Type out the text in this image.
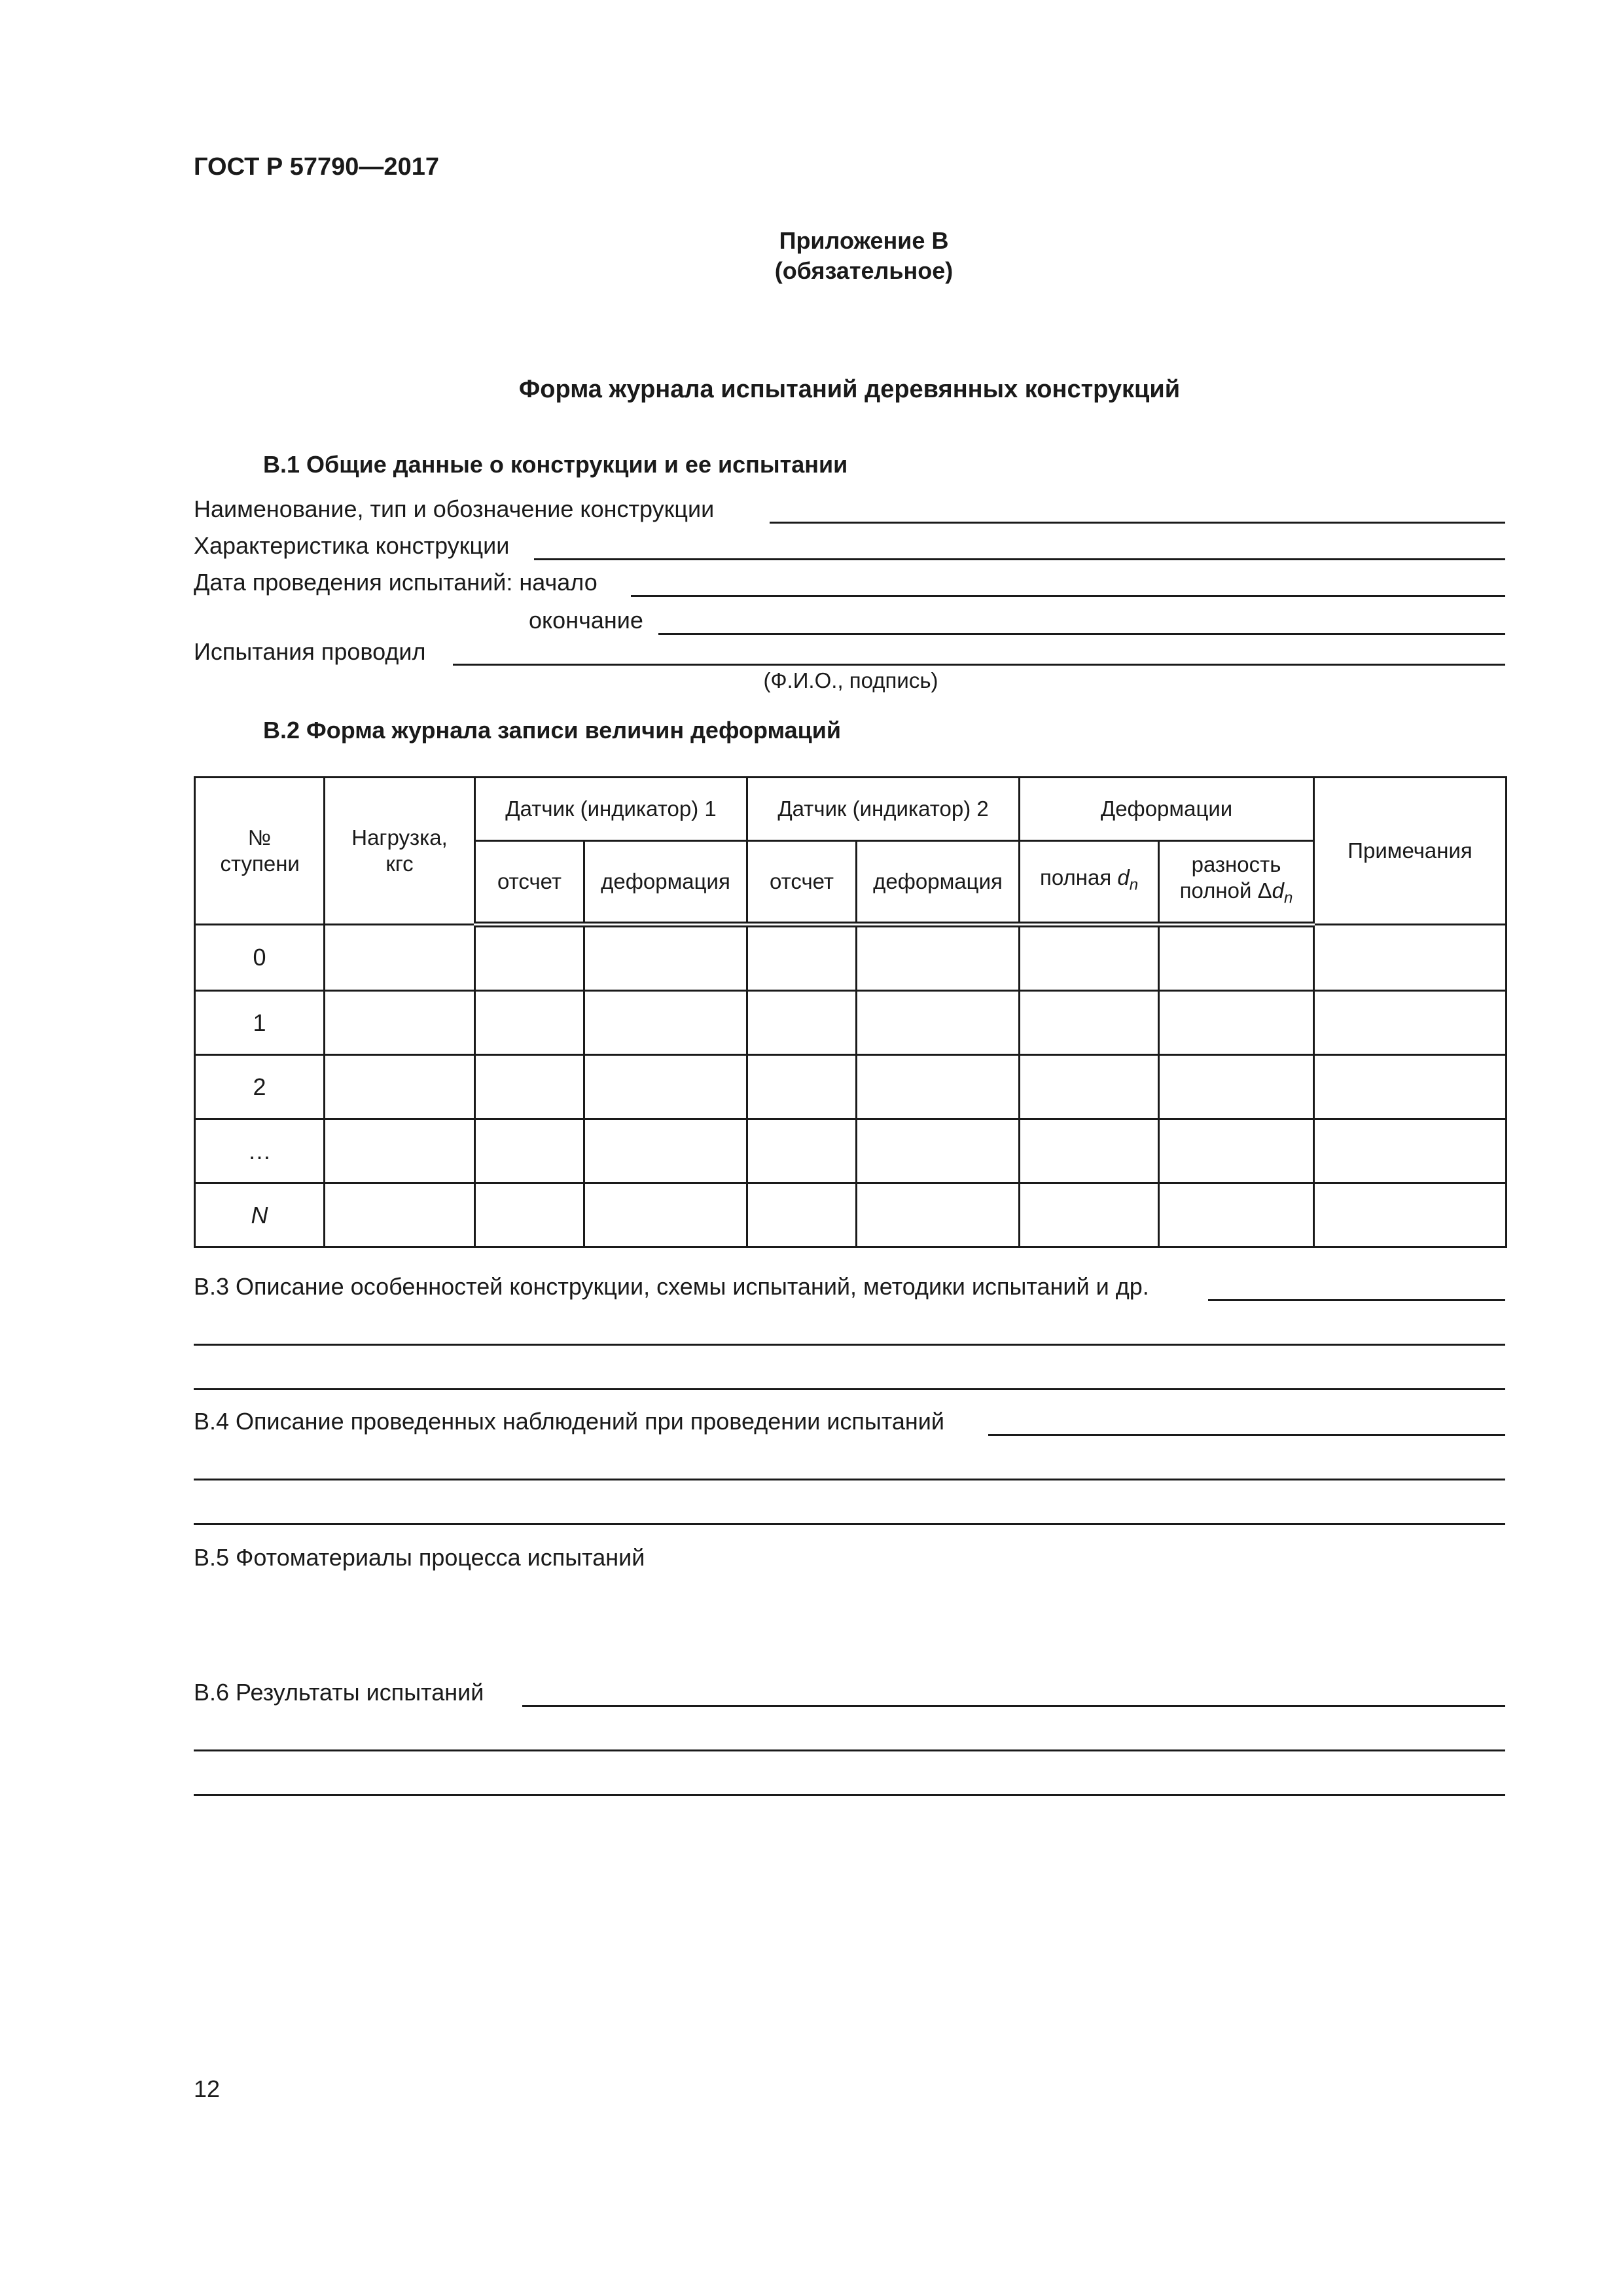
ГОСТ Р 57790—2017
Приложение В
(обязательное)
Форма журнала испытаний деревянных конструкций
В.1 Общие данные о конструкции и ее испытании
Наименование, тип и обозначение конструкции
Характеристика конструкции
Дата проведения испытаний: начало
окончание
Испытания проводил
(Ф.И.О., подпись)
В.2 Форма журнала записи величин деформаций
№ ступени	Нагрузка, кгс	Датчик (индикатор) 1		Датчик (индикатор) 2		Деформации		Примечания
		отсчет	деформация	отсчет	деформация	полная $d_n$	разность
полной $\Delta d_n$
0								
1								
2								
…								
N								
В.3 Описание особенностей конструкции, схемы испытаний, методики испытаний и др.
В.4 Описание проведенных наблюдений при проведении испытаний
В.5 Фотоматериалы процесса испытаний
В.6 Результаты испытаний
12
